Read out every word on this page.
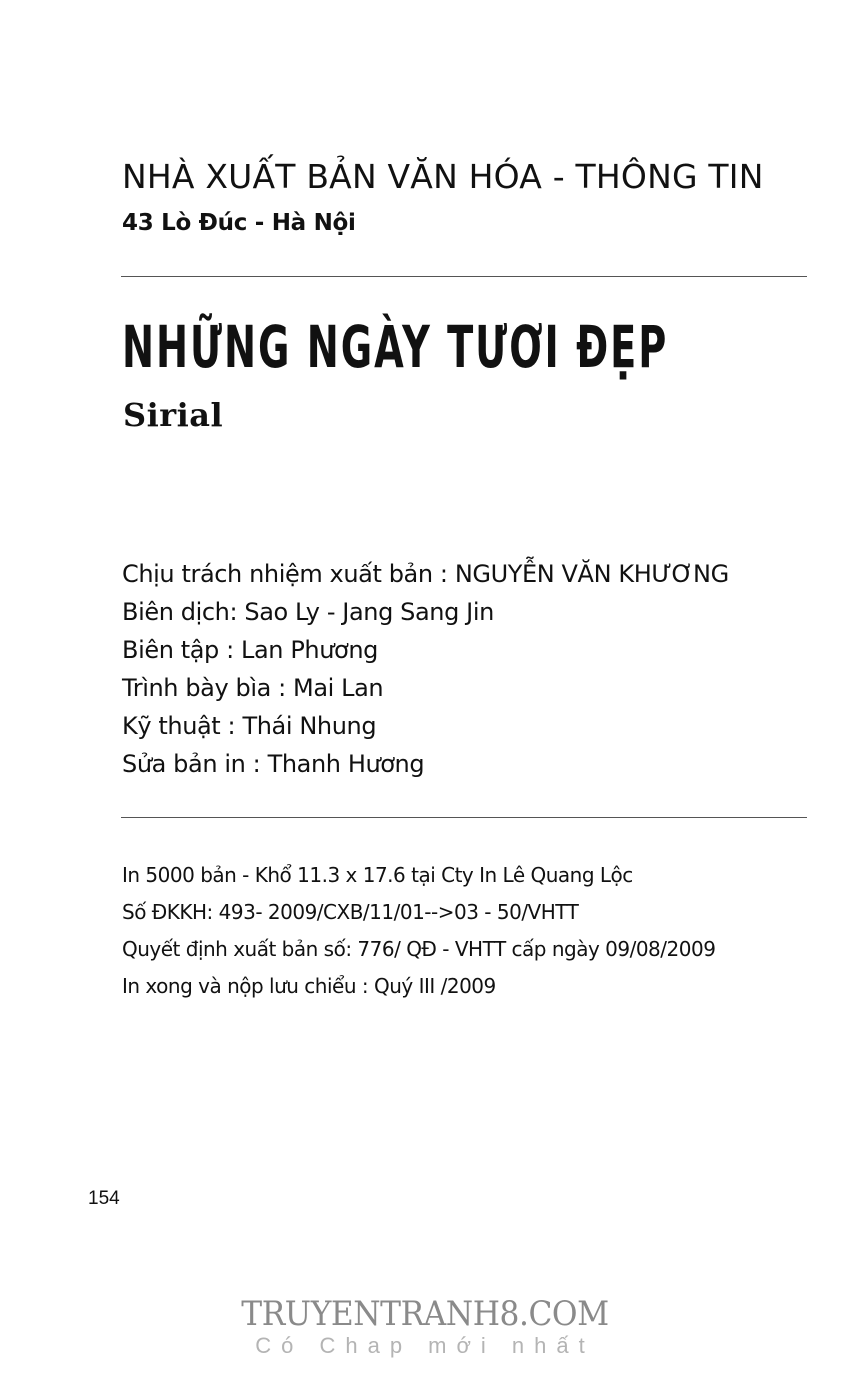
NHÀ XUẤT BẢN VĂN HÓA - THÔNG TIN
43 Lò Đúc - Hà Nội
NHỮNG NGÀY TƯƠI ĐẸP
Sirial
Chịu trách nhiệm xuất bản : NGUYỄN VĂN KHƯƠNG
Biên dịch: Sao Ly - Jang Sang Jin
Biên tập : Lan Phương
Trình bày bìa : Mai Lan
Kỹ thuật : Thái Nhung
Sửa bản in : Thanh Hương
In 5000 bản - Khổ 11.3 x 17.6 tại Cty In Lê Quang Lộc
Số ĐKKH: 493- 2009/CXB/11/01-->03 - 50/VHTT
Quyết định xuất bản số: 776/ QĐ - VHTT cấp ngày 09/08/2009
In xong và nộp lưu chiểu : Quý III /2009
154
TRUYENTRANH8.COM
Có Chap mới nhất
